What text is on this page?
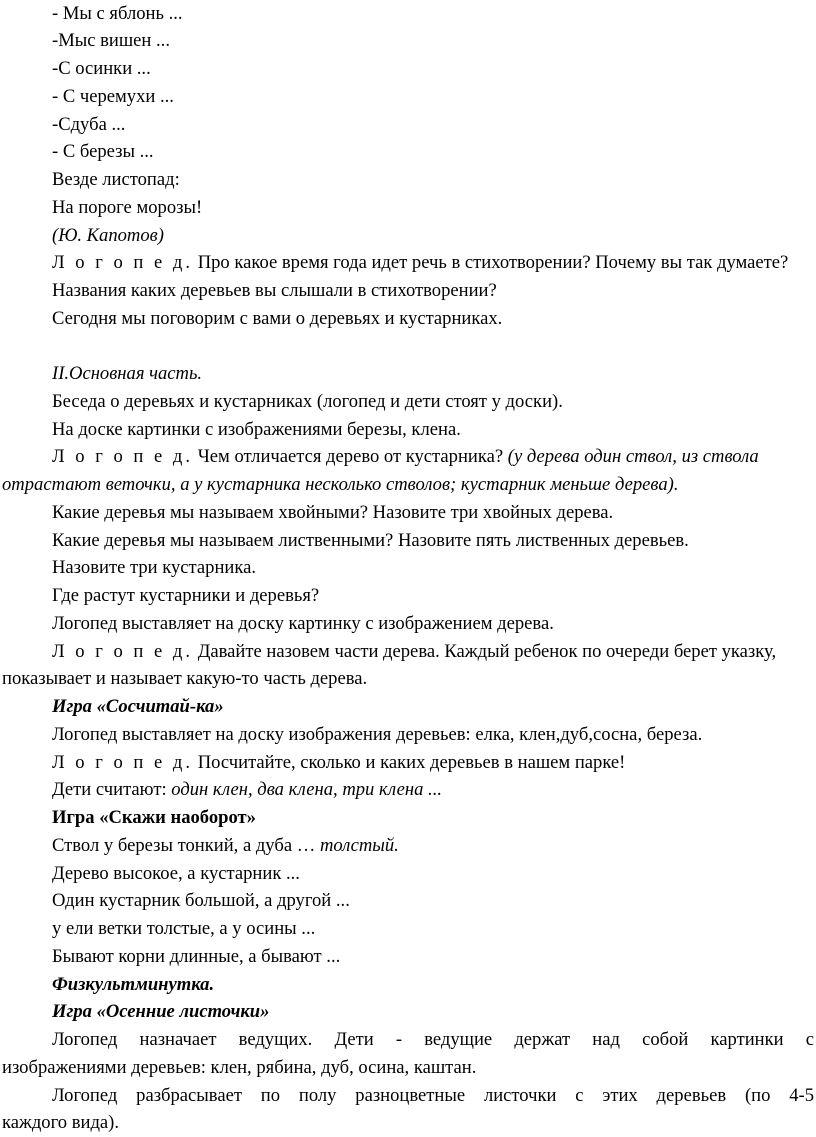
- Мы с яблонь ...
-Мыс вишен ...
-С осинки ...
- С черемухи ...
-Сдуба ...
- С березы ...
Везде листопад:
На пороге морозы!
(Ю. Капотов)
Л о г о п е д. Про какое время года идет речь в стихотворении? Почему вы так думаете?
Названия каких деревьев вы слышали в стихотворении?
Сегодня мы поговорим с вами о деревьях и кустарниках.
II.Основная часть.
Беседа о деревьях и кустарниках (логопед и дети стоят у доски).
На доске картинки с изображениями березы, клена.
Л о г о п е д. Чем отличается дерево от кустарника? (у дерева один ствол, из ствола
отрастают веточки, а у кустарника несколько стволов; кустарник меньше дерева).
Какие деревья мы называем хвойными? Назовите три хвойных дерева.
Какие деревья мы называем лиственными? Назовите пять лиственных деревьев.
Назовите три кустарника.
Где растут кустарники и деревья?
Логопед выставляет на доску картинку с изображением дерева.
Л о г о п е д. Давайте назовем части дерева. Каждый ребенок по очереди берет указку,
показывает и называет какую-то часть дерева.
Игра «Сосчитай-ка»
Логопед выставляет на доску изображения деревьев: елка, клен,дуб,сосна, береза.
Л о г о п е д. Посчитайте, сколько и каких деревьев в нашем парке!
Дети считают: один клен, два клена, три клена ...
Игра «Скажи наоборот»
Ствол у березы тонкий, а дуба … толстый.
Дерево высокое, а кустарник ...
Один кустарник большой, а другой ...
у ели ветки толстые, а у осины ...
Бывают корни длинные, а бывают ...
Физкультминутка.
Игра «Осенние листочки»
Логопед назначает ведущих. Дети - ведущие держат над собой картинки с
изображениями деревьев: клен, рябина, дуб, осина, каштан.
Логопед разбрасывает по полу разноцветные листочки с этих деревьев (по 4-5
каждого вида).
